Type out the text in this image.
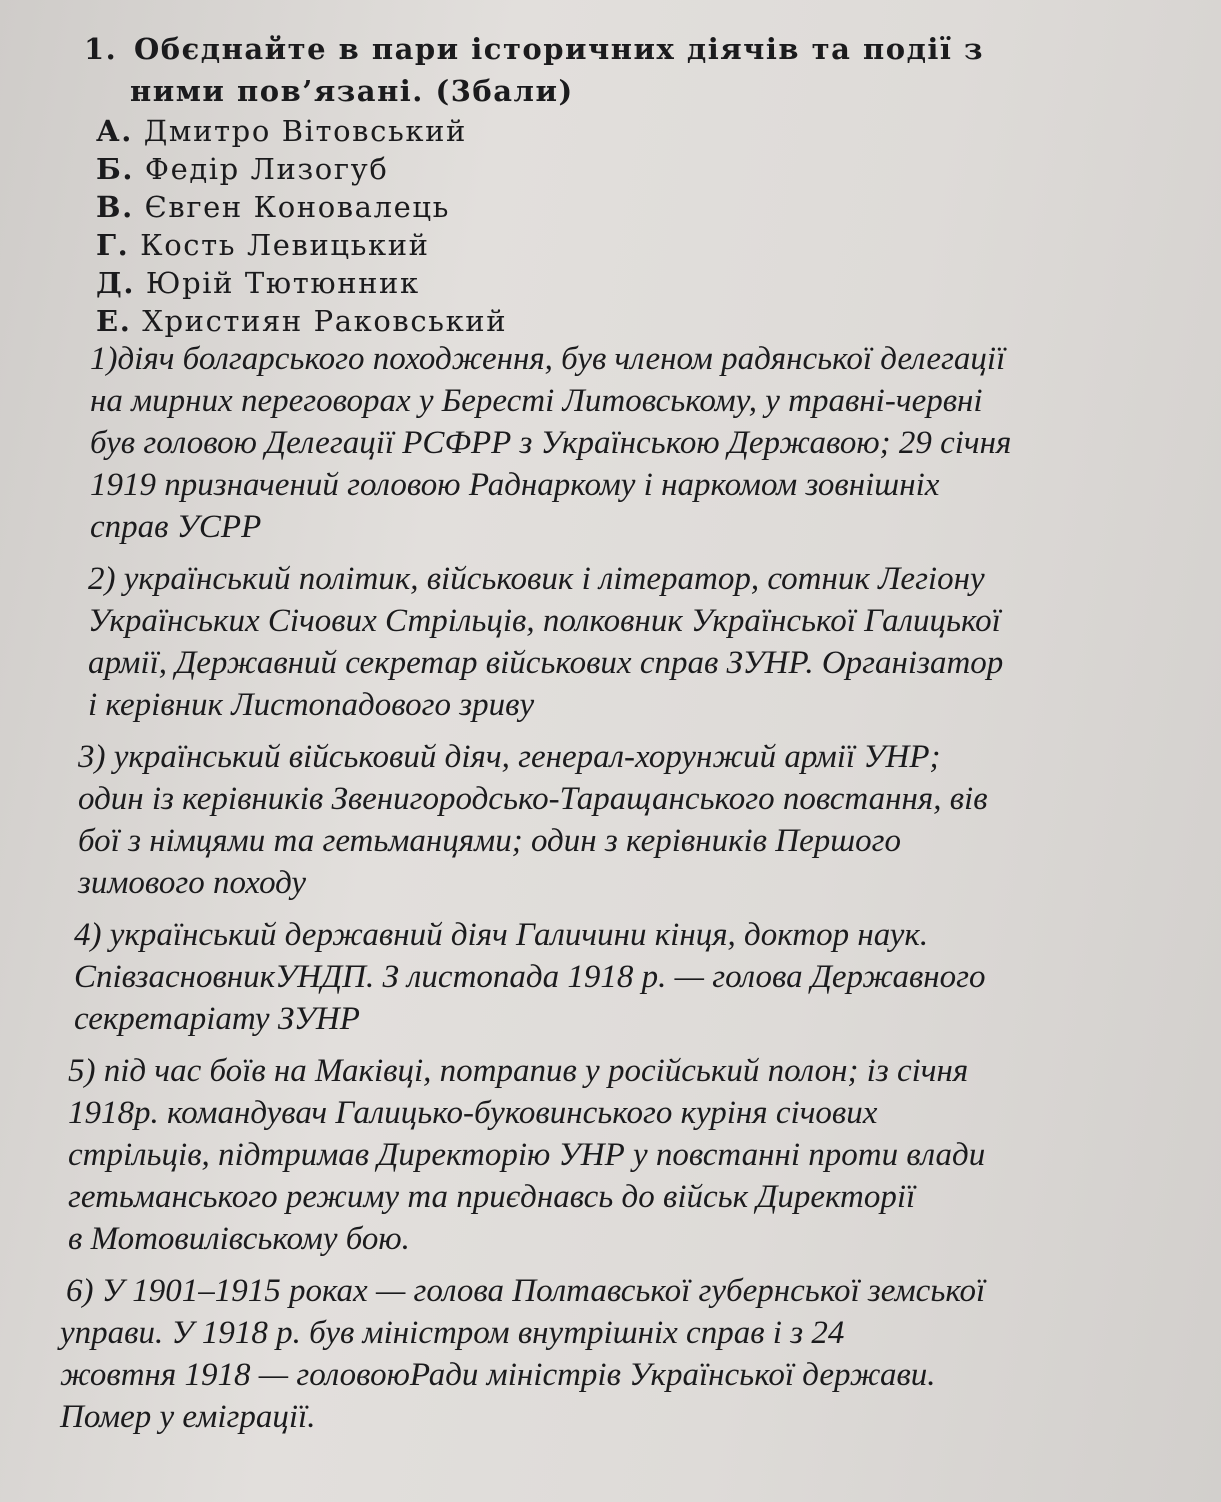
1. Обєднайте в пари історичних діячів та події з
ними пов’язані. (3бали)
А. Дмитро Вітовський
Б. Федір Лизогуб
В. Євген Коновалець
Г. Кость Левицький
Д. Юрій Тютюнник
Е. Християн Раковський
1)діяч болгарського походження, був членом радянської делегації
на мирних переговорах у Бересті Литовському, у травні-червні
був головою Делегації РСФРР з Українською Державою; 29 січня
1919 призначений головою Раднаркому і наркомом зовнішніх
справ УСРР
2) український політик, військовик і літератор, сотник Легіону
Українських Січових Стрільців, полковник Української Галицької
армії, Державний секретар військових справ ЗУНР. Організатор
і керівник Листопадового зриву
3) український військовий діяч, генерал-хорунжий армії УНР;
один із керівників Звенигородсько-Таращанського повстання, вів
бої з німцями та гетьманцями; один з керівників Першого
зимового походу
4) український державний діяч Галичини кінця, доктор наук.
СпівзасновникУНДП. З листопада 1918 р. — голова Державного
секретаріату ЗУНР
5) під час боїв на Маківці, потрапив у російський полон; із січня
1918р. командувач Галицько-буковинського куріня січових
стрільців, підтримав Директорію УНР у повстанні проти влади
гетьманського режиму та приєднавсь до військ Директорії
в Мотовилівському бою.
6) У 1901–1915 роках — голова Полтавської губернської земської
управи. У 1918 р. був міністром внутрішніх справ і з 24
жовтня 1918 — головоюРади міністрів Української держави.
Помер у еміграції.
